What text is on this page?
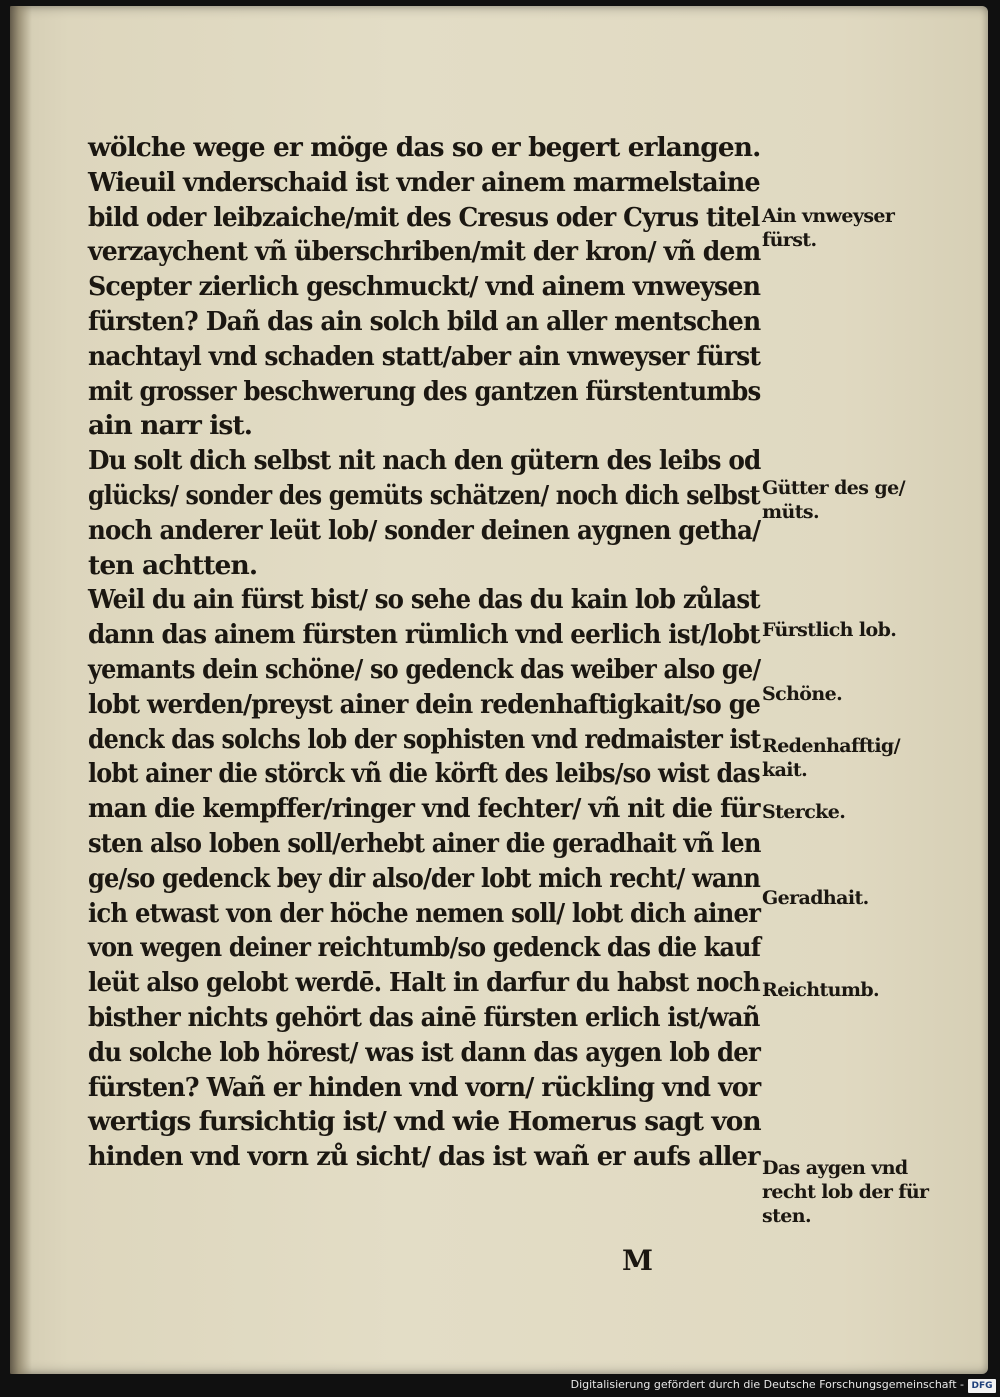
wölche wege er möge das so er begert erlangen.
Wieuil vnderschaid ist vnder ainem marmelstaine
bild oder leibzaiche/mit des Cresus oder Cyrus titel
verzaychent vñ überschriben/mit der kron/ vñ dem
Scepter zierlich geschmuckt/ vnd ainem vnweysen
fürsten? Dañ das ain solch bild an aller mentschen
nachtayl vnd schaden statt/aber ain vnweyser fürst
mit grosser beschwerung des gantzen fürstentumbs
ain narr ist.
Du solt dich selbst nit nach den gütern des leibs od
glücks/ sonder des gemüts schätzen/ noch dich selbst
noch anderer leüt lob/ sonder deinen aygnen getha/
ten achtten.
Weil du ain fürst bist/ so sehe das du kain lob zůlast
dann das ainem fürsten rümlich vnd eerlich ist/lobt
yemants dein schöne/ so gedenck das weiber also ge/
lobt werden/preyst ainer dein redenhaftigkait/so ge
denck das solchs lob der sophisten vnd redmaister ist
lobt ainer die störck vñ die körft des leibs/so wist das
man die kempffer/ringer vnd fechter/ vñ nit die für
sten also loben soll/erhebt ainer die geradhait vñ len
ge/so gedenck bey dir also/der lobt mich recht/ wann
ich etwast von der höche nemen soll/ lobt dich ainer
von wegen deiner reichtumb/so gedenck das die kauf
leüt also gelobt werdē. Halt in darfur du habst noch
bisther nichts gehört das ainē fürsten erlich ist/wañ
du solche lob hörest/ was ist dann das aygen lob der
fürsten? Wañ er hinden vnd vorn/ rückling vnd vor
wertigs fursichtig ist/ vnd wie Homerus sagt von
hinden vnd vorn zů sicht/ das ist wañ er aufs aller
Ain vnweyser
fürst.
Gütter des ge/
müts.
Fürstlich lob.
Schöne.
Redenhafftig/
kait.
Stercke.
Geradhait.
Reichtumb.
Das aygen vnd
recht lob der für
sten.
M
Digitalisierung gefördert durch die Deutsche Forschungsgemeinschaft - DFG
